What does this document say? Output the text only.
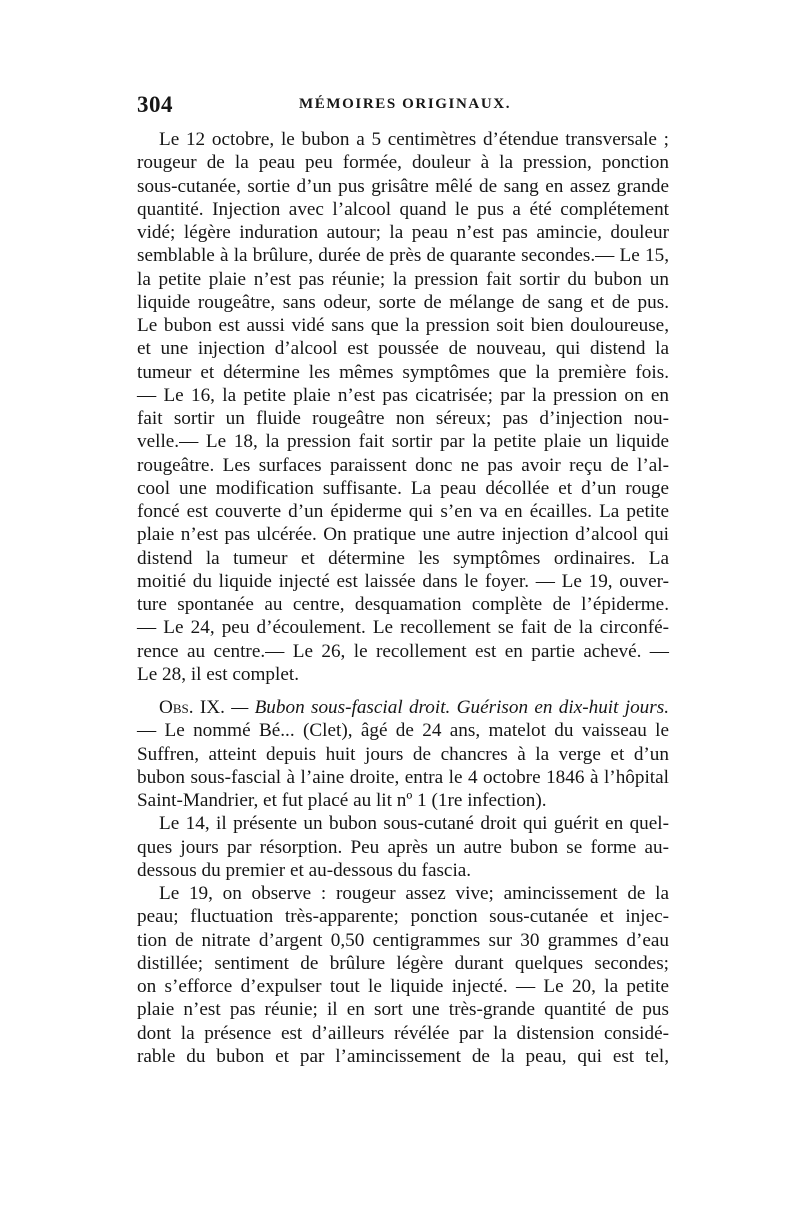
304	MÉMOIRES ORIGINAUX.
Le 12 octobre, le bubon a 5 centimètres d’étendue transversale ;
rougeur de la peau peu formée, douleur à la pression, ponction
sous-cutanée, sortie d’un pus grisâtre mêlé de sang en assez grande
quantité. Injection avec l’alcool quand le pus a été complétement
vidé; légère induration autour; la peau n’est pas amincie, douleur
semblable à la brûlure, durée de près de quarante secondes.— Le 15,
la petite plaie n’est pas réunie; la pression fait sortir du bubon un
liquide rougeâtre, sans odeur, sorte de mélange de sang et de pus.
Le bubon est aussi vidé sans que la pression soit bien douloureuse,
et une injection d’alcool est poussée de nouveau, qui distend la
tumeur et détermine les mêmes symptômes que la première fois.
— Le 16, la petite plaie n’est pas cicatrisée; par la pression on en
fait sortir un fluide rougeâtre non séreux; pas d’injection nou-
velle.— Le 18, la pression fait sortir par la petite plaie un liquide
rougeâtre. Les surfaces paraissent donc ne pas avoir reçu de l’al-
cool une modification suffisante. La peau décollée et d’un rouge
foncé est couverte d’un épiderme qui s’en va en écailles. La petite
plaie n’est pas ulcérée. On pratique une autre injection d’alcool qui
distend la tumeur et détermine les symptômes ordinaires. La
moitié du liquide injecté est laissée dans le foyer. — Le 19, ouver-
ture spontanée au centre, desquamation complète de l’épiderme.
— Le 24, peu d’écoulement. Le recollement se fait de la circonfé-
rence au centre.— Le 26, le recollement est en partie achevé. —
Le 28, il est complet.
Obs. IX. — Bubon sous-fascial droit. Guérison en dix-huit jours.
— Le nommé Bé... (Clet), âgé de 24 ans, matelot du vaisseau le
Suffren, atteint depuis huit jours de chancres à la verge et d’un
bubon sous-fascial à l’aine droite, entra le 4 octobre 1846 à l’hôpital
Saint-Mandrier, et fut placé au lit nº 1 (1re infection).
Le 14, il présente un bubon sous-cutané droit qui guérit en quel-
ques jours par résorption. Peu après un autre bubon se forme au-
dessous du premier et au-dessous du fascia.
Le 19, on observe : rougeur assez vive; amincissement de la
peau; fluctuation très-apparente; ponction sous-cutanée et injec-
tion de nitrate d’argent 0,50 centigrammes sur 30 grammes d’eau
distillée; sentiment de brûlure légère durant quelques secondes;
on s’efforce d’expulser tout le liquide injecté. — Le 20, la petite
plaie n’est pas réunie; il en sort une très-grande quantité de pus
dont la présence est d’ailleurs révélée par la distension considé-
rable du bubon et par l’amincissement de la peau, qui est tel,
